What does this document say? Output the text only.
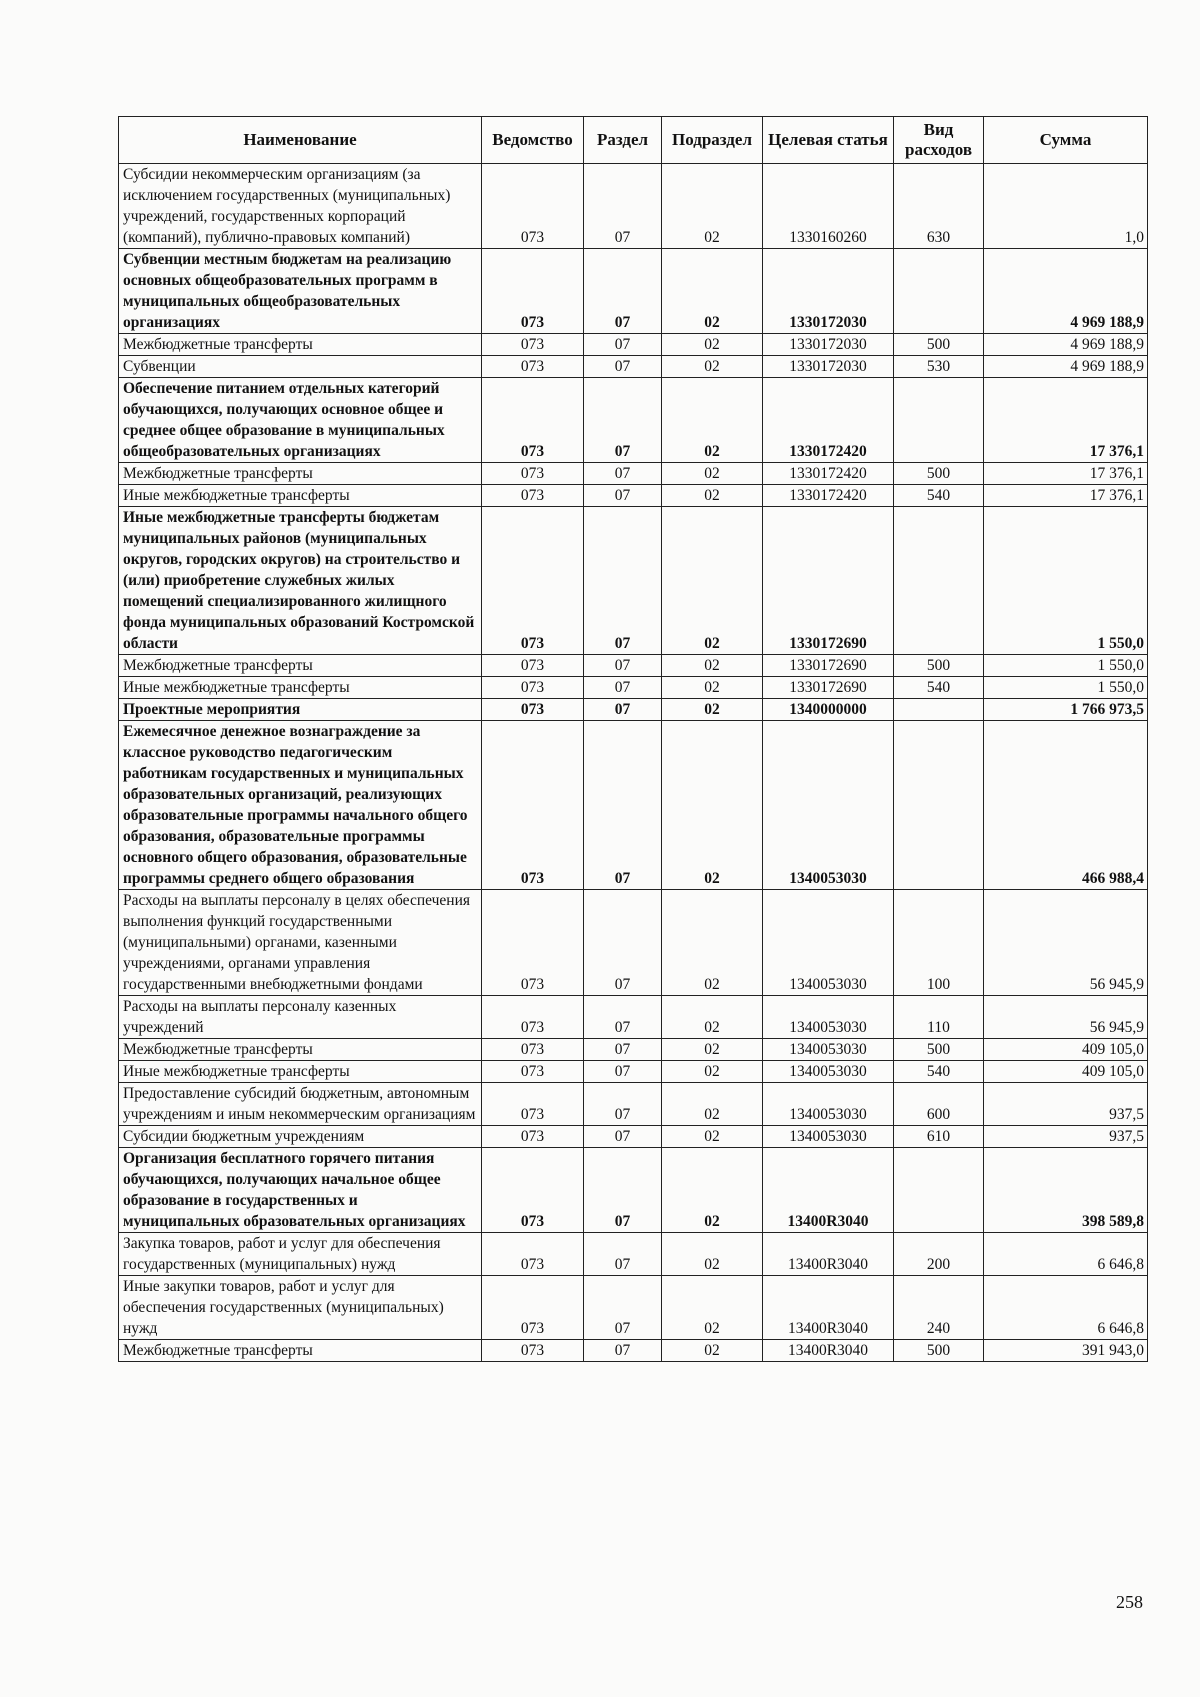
Наименование	Ведомство	Раздел	Подраздел	Целевая статья	Вид расходов	Сумма
Субсидии некоммерческим организациям (за исключением государственных (муниципальных) учреждений, государственных корпораций (компаний), публично-правовых компаний)	073	07	02	1330160260	630	1,0
Субвенции местным бюджетам на реализацию основных общеобразовательных программ в муниципальных общеобразовательных организациях	073	07	02	1330172030		4 969 188,9
Межбюджетные трансферты	073	07	02	1330172030	500	4 969 188,9
Субвенции	073	07	02	1330172030	530	4 969 188,9
Обеспечение питанием отдельных категорий обучающихся, получающих основное общее и среднее общее образование в муниципальных общеобразовательных организациях	073	07	02	1330172420		17 376,1
Межбюджетные трансферты	073	07	02	1330172420	500	17 376,1
Иные межбюджетные трансферты	073	07	02	1330172420	540	17 376,1
Иные межбюджетные трансферты бюджетам муниципальных районов (муниципальных округов, городских округов) на строительство и (или) приобретение служебных жилых помещений специализированного жилищного фонда муниципальных образований Костромской области	073	07	02	1330172690		1 550,0
Межбюджетные трансферты	073	07	02	1330172690	500	1 550,0
Иные межбюджетные трансферты	073	07	02	1330172690	540	1 550,0
Проектные мероприятия	073	07	02	1340000000		1 766 973,5
Ежемесячное денежное вознаграждение за классное руководство педагогическим работникам государственных и муниципальных образовательных организаций, реализующих образовательные программы начального общего образования, образовательные программы основного общего образования, образовательные программы среднего общего образования	073	07	02	1340053030		466 988,4
Расходы на выплаты персоналу в целях обеспечения выполнения функций государственными (муниципальными) органами, казенными учреждениями, органами управления государственными внебюджетными фондами	073	07	02	1340053030	100	56 945,9
Расходы на выплаты персоналу казенных учреждений	073	07	02	1340053030	110	56 945,9
Межбюджетные трансферты	073	07	02	1340053030	500	409 105,0
Иные межбюджетные трансферты	073	07	02	1340053030	540	409 105,0
Предоставление субсидий бюджетным, автономным учреждениям и иным некоммерческим организациям	073	07	02	1340053030	600	937,5
Субсидии бюджетным учреждениям	073	07	02	1340053030	610	937,5
Организация бесплатного горячего питания обучающихся, получающих начальное общее образование в государственных и муниципальных образовательных организациях	073	07	02	13400R3040		398 589,8
Закупка товаров, работ и услуг для обеспечения государственных (муниципальных) нужд	073	07	02	13400R3040	200	6 646,8
Иные закупки товаров, работ и услуг для обеспечения государственных (муниципальных) нужд	073	07	02	13400R3040	240	6 646,8
Межбюджетные трансферты	073	07	02	13400R3040	500	391 943,0
258
